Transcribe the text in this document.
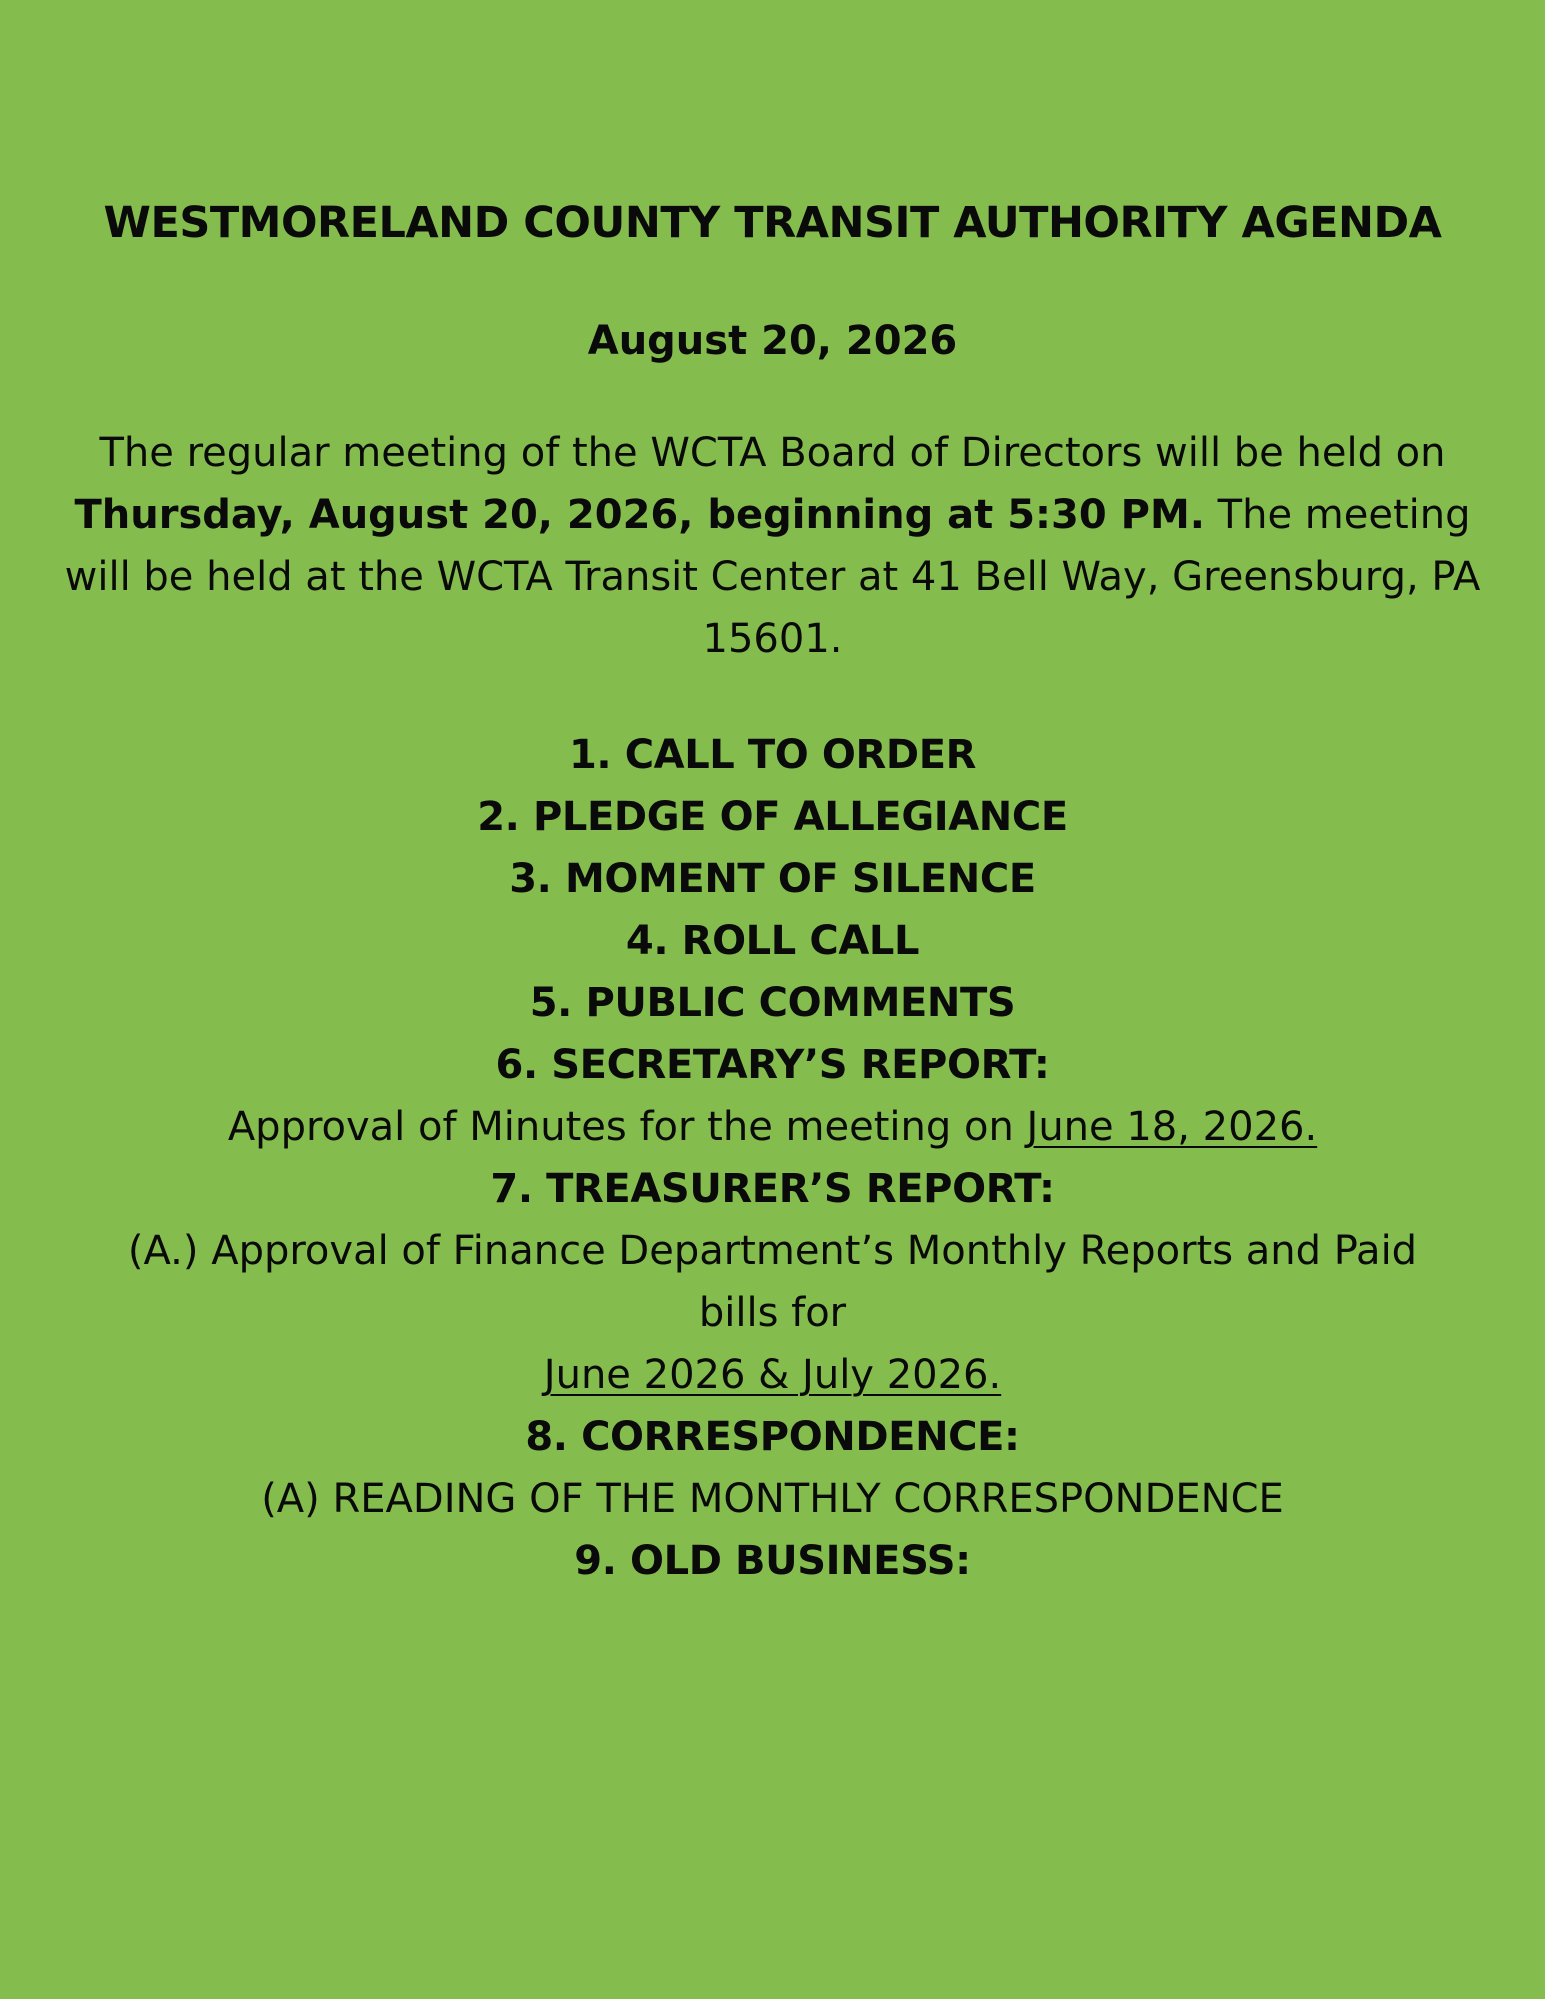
WESTMORELAND COUNTY TRANSIT AUTHORITY AGENDA
August 20, 2026

The regular meeting of the WCTA Board of Directors will be held on Thursday, August 20, 2026, beginning at 5:30 PM. The meeting will be held at the WCTA Transit Center at 41 Bell Way, Greensburg, PA 15601.

1. CALL TO ORDER
2. PLEDGE OF ALLEGIANCE
3. MOMENT OF SILENCE
4. ROLL CALL
5. PUBLIC COMMENTS
6. SECRETARY’S REPORT:
Approval of Minutes for the meeting on June 18, 2026.
7. TREASURER’S REPORT:
(A.) Approval of Finance Department’s Monthly Reports and Paid
bills for
June 2026 & July 2026.
8. CORRESPONDENCE:
(A) READING OF THE MONTHLY CORRESPONDENCE
9. OLD BUSINESS:
